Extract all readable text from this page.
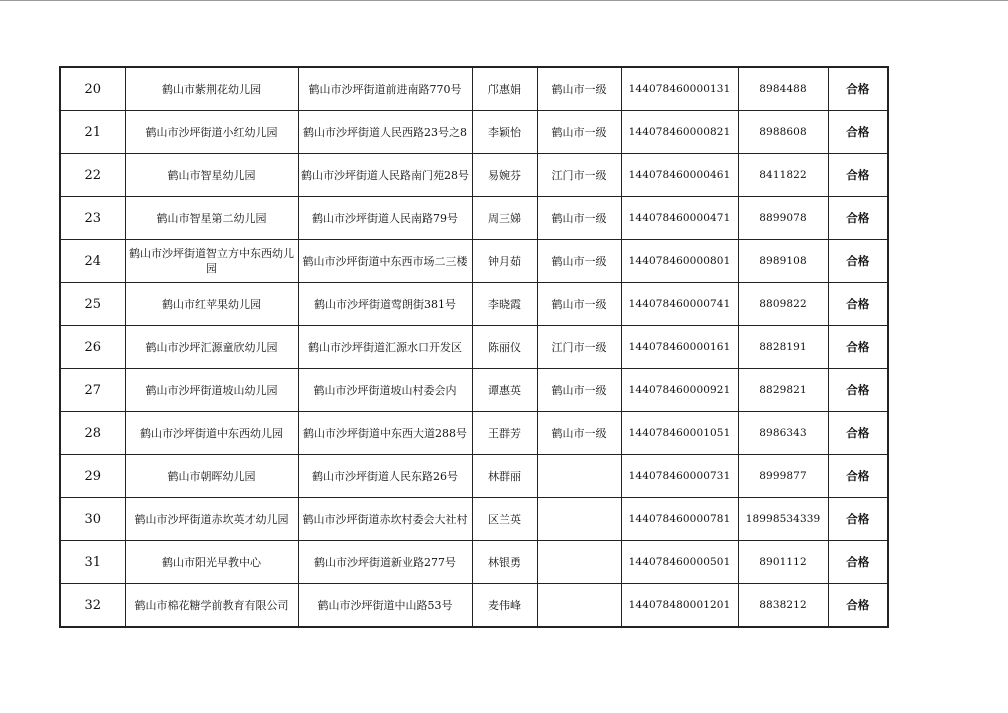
20	鹤山市紫荆花幼儿园	鹤山市沙坪街道前进南路770号	邝惠娟	鹤山市一级	144078460000131	8984488	合格
21	鹤山市沙坪街道小红幼儿园	鹤山市沙坪街道人民西路23号之8	李颖怡	鹤山市一级	144078460000821	8988608	合格
22	鹤山市智星幼儿园	鹤山市沙坪街道人民路南门苑28号	易婉芬	江门市一级	144078460000461	8411822	合格
23	鹤山市智星第二幼儿园	鹤山市沙坪街道人民南路79号	周三娣	鹤山市一级	144078460000471	8899078	合格
24	鹤山市沙坪街道智立方中东西幼儿园	鹤山市沙坪街道中东西市场二三楼	钟月茹	鹤山市一级	144078460000801	8989108	合格
25	鹤山市红苹果幼儿园	鹤山市沙坪街道莺朗街381号	李晓霞	鹤山市一级	144078460000741	8809822	合格
26	鹤山市沙坪汇源童欣幼儿园	鹤山市沙坪街道汇源水口开发区	陈丽仪	江门市一级	144078460000161	8828191	合格
27	鹤山市沙坪街道坡山幼儿园	鹤山市沙坪街道坡山村委会内	谭惠英	鹤山市一级	144078460000921	8829821	合格
28	鹤山市沙坪街道中东西幼儿园	鹤山市沙坪街道中东西大道288号	王群芳	鹤山市一级	144078460001051	8986343	合格
29	鹤山市朝晖幼儿园	鹤山市沙坪街道人民东路26号	林群丽		144078460000731	8999877	合格
30	鹤山市沙坪街道赤坎英才幼儿园	鹤山市沙坪街道赤坎村委会大社村	区兰英		144078460000781	18998534339	合格
31	鹤山市阳光早教中心	鹤山市沙坪街道新业路277号	林银勇		144078460000501	8901112	合格
32	鹤山市棉花糖学前教育有限公司	鹤山市沙坪街道中山路53号	麦伟峰		144078480001201	8838212	合格
